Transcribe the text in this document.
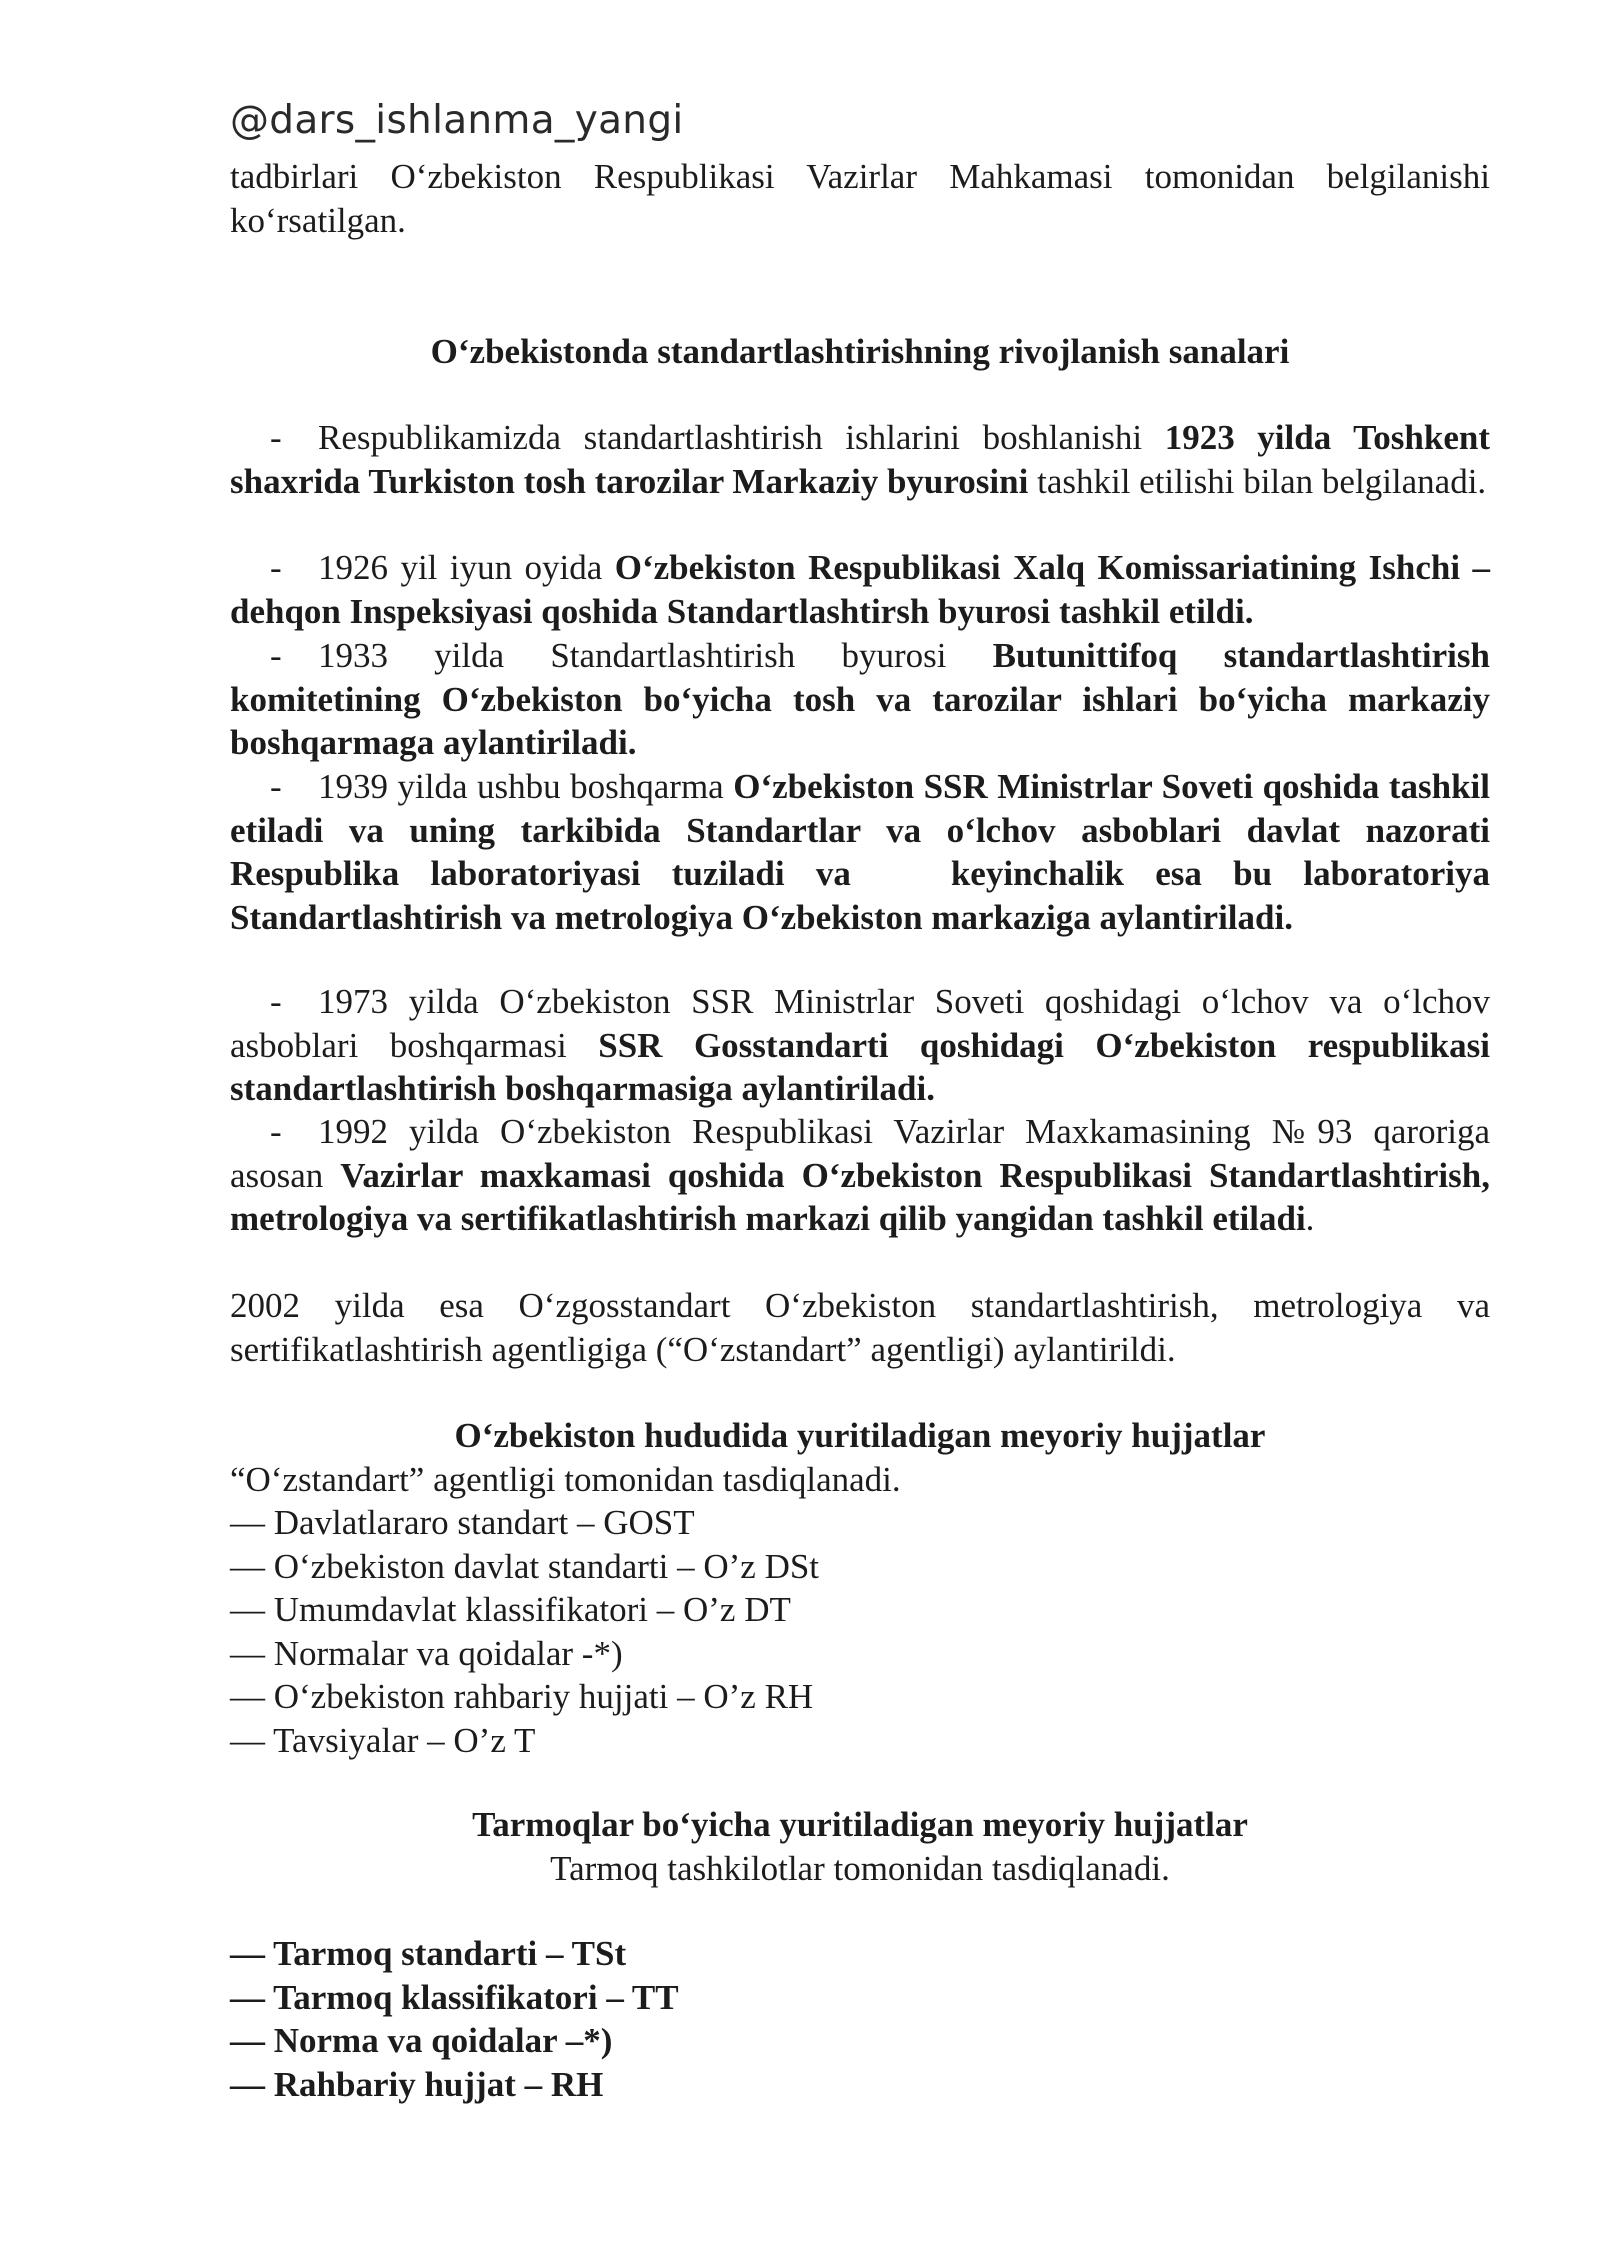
@dars_ishlanma_yangi

tadbirlari O‘zbekiston Respublikasi Vazirlar Mahkamasi tomonidan belgilanishi

ko‘rsatilgan.

O‘zbekistonda standartlashtirishning rivojlanish sanalari

- Respublikamizda standartlashtirish ishlarini boshlanishi 1923 yilda Toshkent shaxrida Turkiston tosh tarozilar Markaziy byurosini tashkil etilishi bilan belgilanadi.

- 1926 yil iyun oyida O‘zbekiston Respublikasi Xalq Komissariatining Ishchi – dehqon Inspeksiyasi qoshida Standartlashtirsh byurosi tashkil etildi.

- 1933 yilda Standartlashtirish byurosi Butunittifoq standartlashtirish komitetining O‘zbekiston bo‘yicha tosh va tarozilar ishlari bo‘yicha markaziy boshqarmaga aylantiriladi.

- 1939 yilda ushbu boshqarma O‘zbekiston SSR Ministrlar Soveti qoshida tashkil etiladi va uning tarkibida Standartlar va o‘lchov asboblari davlat nazorati Respublika laboratoriyasi tuziladi va	keyinchalik esa bu laboratoriya Standartlashtirish va metrologiya O‘zbekiston markaziga aylantiriladi.

- 1973 yilda O‘zbekiston SSR Ministrlar Soveti qoshidagi o‘lchov va o‘lchov asboblari boshqarmasi SSR Gosstandarti qoshidagi O‘zbekiston respublikasi standartlashtirish boshqarmasiga aylantiriladi.

- 1992 yilda O‘zbekiston Respublikasi Vazirlar Maxkamasining №93 qaroriga asosan Vazirlar maxkamasi qoshida O‘zbekiston Respublikasi Standartlashtirish, metrologiya va sertifikatlashtirish markazi qilib yangidan tashkil etiladi.

2002 yilda esa O‘zgosstandart O‘zbekiston standartlashtirish, metrologiya va sertifikatlashtirish agentligiga (“O‘zstandart” agentligi) aylantirildi.

O‘zbekiston hududida yuritiladigan meyoriy hujjatlar

“O‘zstandart” agentligi tomonidan tasdiqlanadi.

— Davlatlararo standart – GOST

— O‘zbekiston davlat standarti – O’z DSt

— Umumdavlat klassifikatori – O’z DT

— Normalar va qoidalar -*)

— O‘zbekiston rahbariy hujjati – O’z RH

— Tavsiyalar – O’z T

Tarmoqlar bo‘yicha yuritiladigan meyoriy hujjatlar

Tarmoq tashkilotlar tomonidan tasdiqlanadi.

— Tarmoq standarti – TSt

— Tarmoq klassifikatori – TT

— Norma va qoidalar –*)

— Rahbariy hujjat – RH
